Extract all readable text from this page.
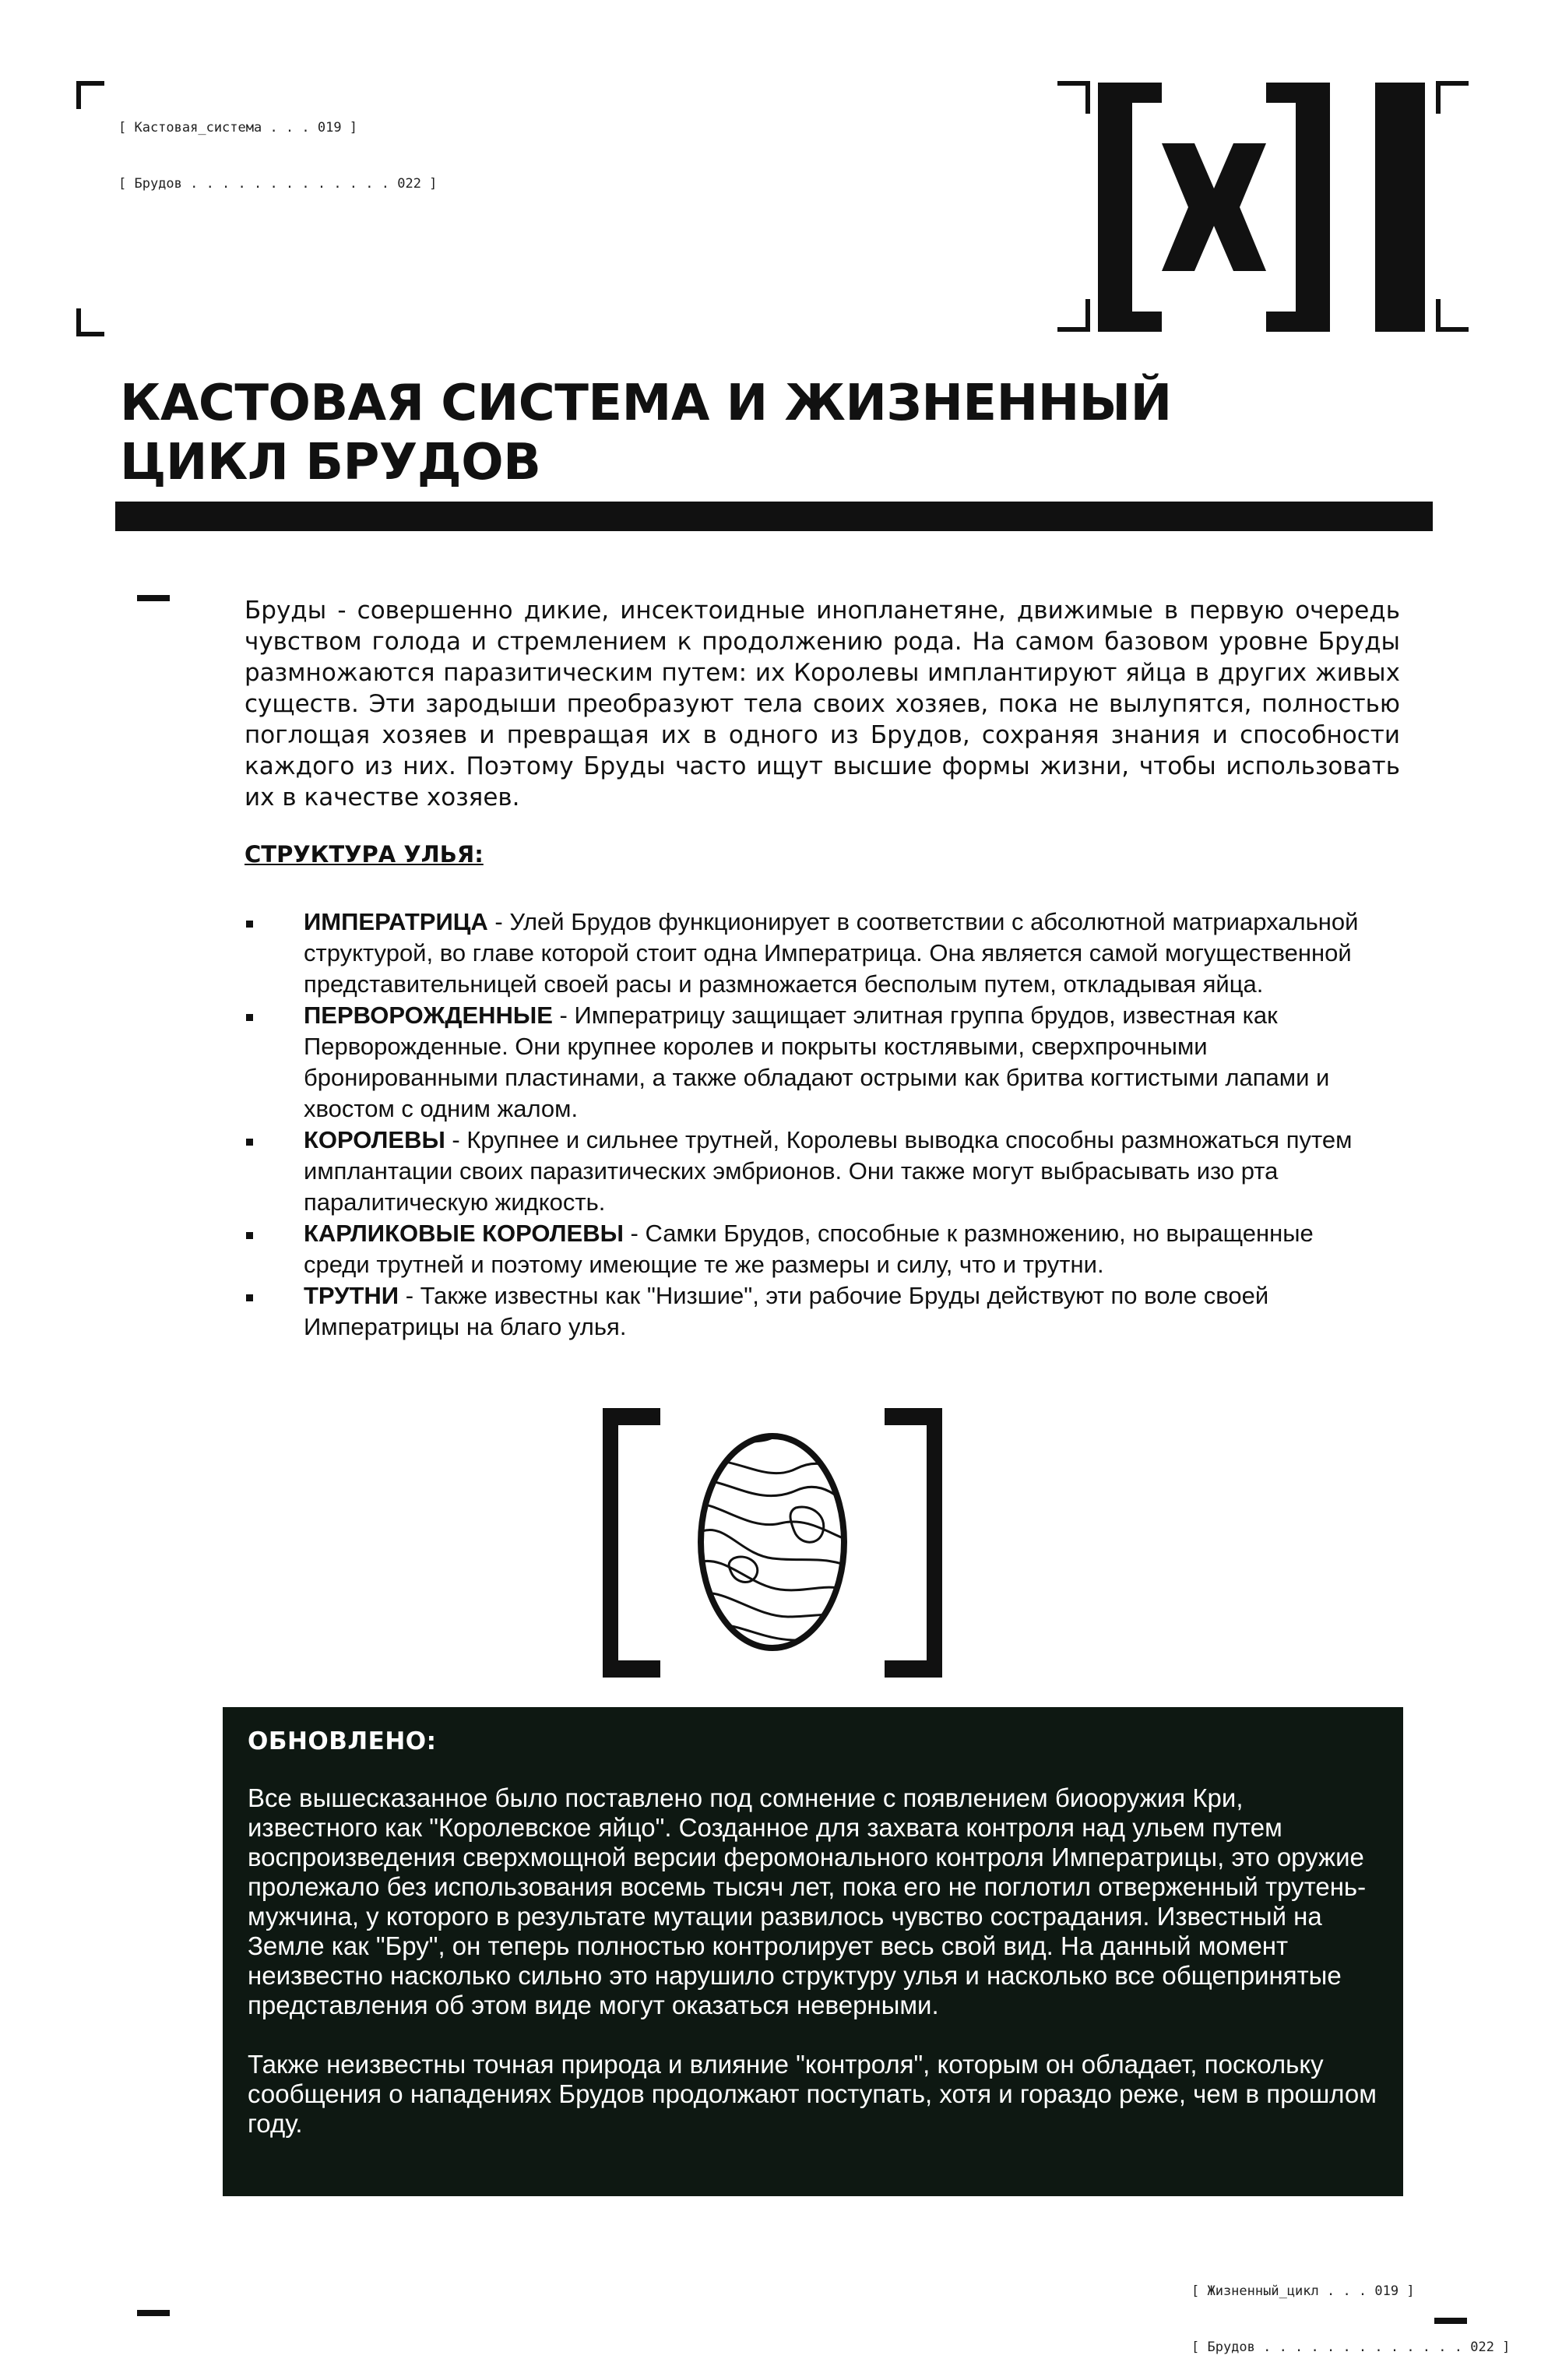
[ Кастовая_система . . . 019 ]

[ Брудов . . . . . . . . . . . . . 022 ]

КАСТОВАЯ СИСТЕМА И ЖИЗНЕННЫЙ
ЦИКЛ БРУДОВ

Бруды - совершенно дикие, инсектоидные инопланетяне, движимые в первую очередь чувством голода и стремлением к продолжению рода. На самом базовом уровне Бруды размножаются паразитическим путем: их Королевы имплантируют яйца в других живых существ. Эти зародыши преобразуют тела своих хозяев, пока не вылупятся, полностью поглощая хозяев и превращая их в одного из Брудов, сохраняя знания и способности каждого из них. Поэтому Бруды часто ищут высшие формы жизни, чтобы использовать их в качестве хозяев.

СТРУКТУРА УЛЬЯ:
ИМПЕРАТРИЦА - Улей Брудов функционирует в соответствии с абсолютной матриархальной структурой, во главе которой стоит одна Императрица. Она является самой могущественной представительницей своей расы и размножается бесполым путем, откладывая яйца.
ПЕРВОРОЖДЕННЫЕ - Императрицу защищает элитная группа брудов, известная как Перворожденные. Они крупнее королев и покрыты костлявыми, сверхпрочными бронированными пластинами, а также обладают острыми как бритва когтистыми лапами и хвостом с одним жалом.
КОРОЛЕВЫ - Крупнее и сильнее трутней, Королевы выводка способны размножаться путем имплантации своих паразитических эмбрионов. Они также могут выбрасывать изо рта паралитическую жидкость.
КАРЛИКОВЫЕ КОРОЛЕВЫ - Самки Брудов, способные к размножению, но выращенные среди трутней и поэтому имеющие те же размеры и силу, что и трутни.
ТРУТНИ - Также известны как "Низшие", эти рабочие Бруды действуют по воле своей Императрицы на благо улья.
ОБНОВЛЕНО:

Все вышесказанное было поставлено под сомнение с появлением биооружия Кри, известного как "Королевское яйцо". Созданное для захвата контроля над ульем путем воспроизведения сверхмощной версии феромонального контроля Императрицы, это оружие пролежало без использования восемь тысяч лет, пока его не поглотил отверженный трутень-мужчина, у которого в результате мутации развилось чувство сострадания. Известный на Земле как "Бру", он теперь полностью контролирует весь свой вид. На данный момент неизвестно насколько сильно это нарушило структуру улья и насколько все общепринятые представления об этом виде могут оказаться неверными.

Также неизвестны точная природа и влияние "контроля", которым он обладает, поскольку сообщения о нападениях Брудов продолжают поступать, хотя и гораздо реже, чем в прошлом году.

[ Жизненный_цикл . . . 019 ]

[ Брудов . . . . . . . . . . . . . 022 ]
